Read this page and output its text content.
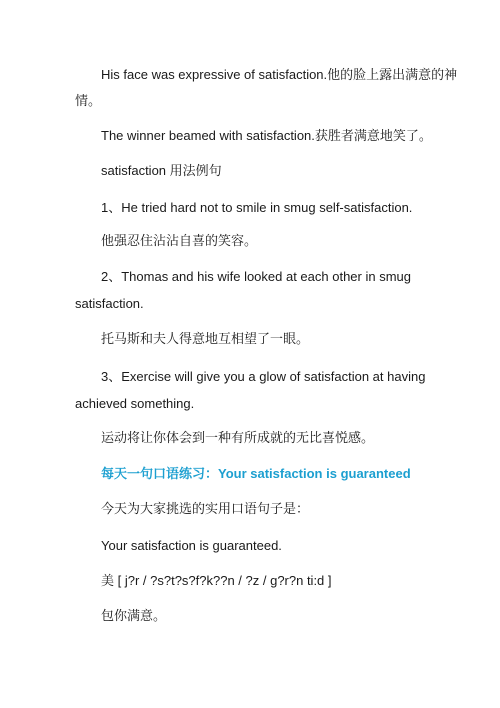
His face was expressive of satisfaction.他的脸上露出满意的神
情。
The winner beamed with satisfaction.获胜者满意地笑了。
satisfaction 用法例句
1、He tried hard not to smile in smug self-satisfaction.
他强忍住沾沾自喜的笑容。
2、Thomas and his wife looked at each other in smug
satisfaction.
托马斯和夫人得意地互相望了一眼。
3、Exercise will give you a glow of satisfaction at having
achieved something.
运动将让你体会到一种有所成就的无比喜悦感。
每天一句口语练习：Your satisfaction is guaranteed
今天为大家挑选的实用口语句子是：
Your satisfaction is guaranteed.
美 [ j?r / ?s?t?s?f?k??n / ?z / g?r?n ti:d ]
包你满意。
